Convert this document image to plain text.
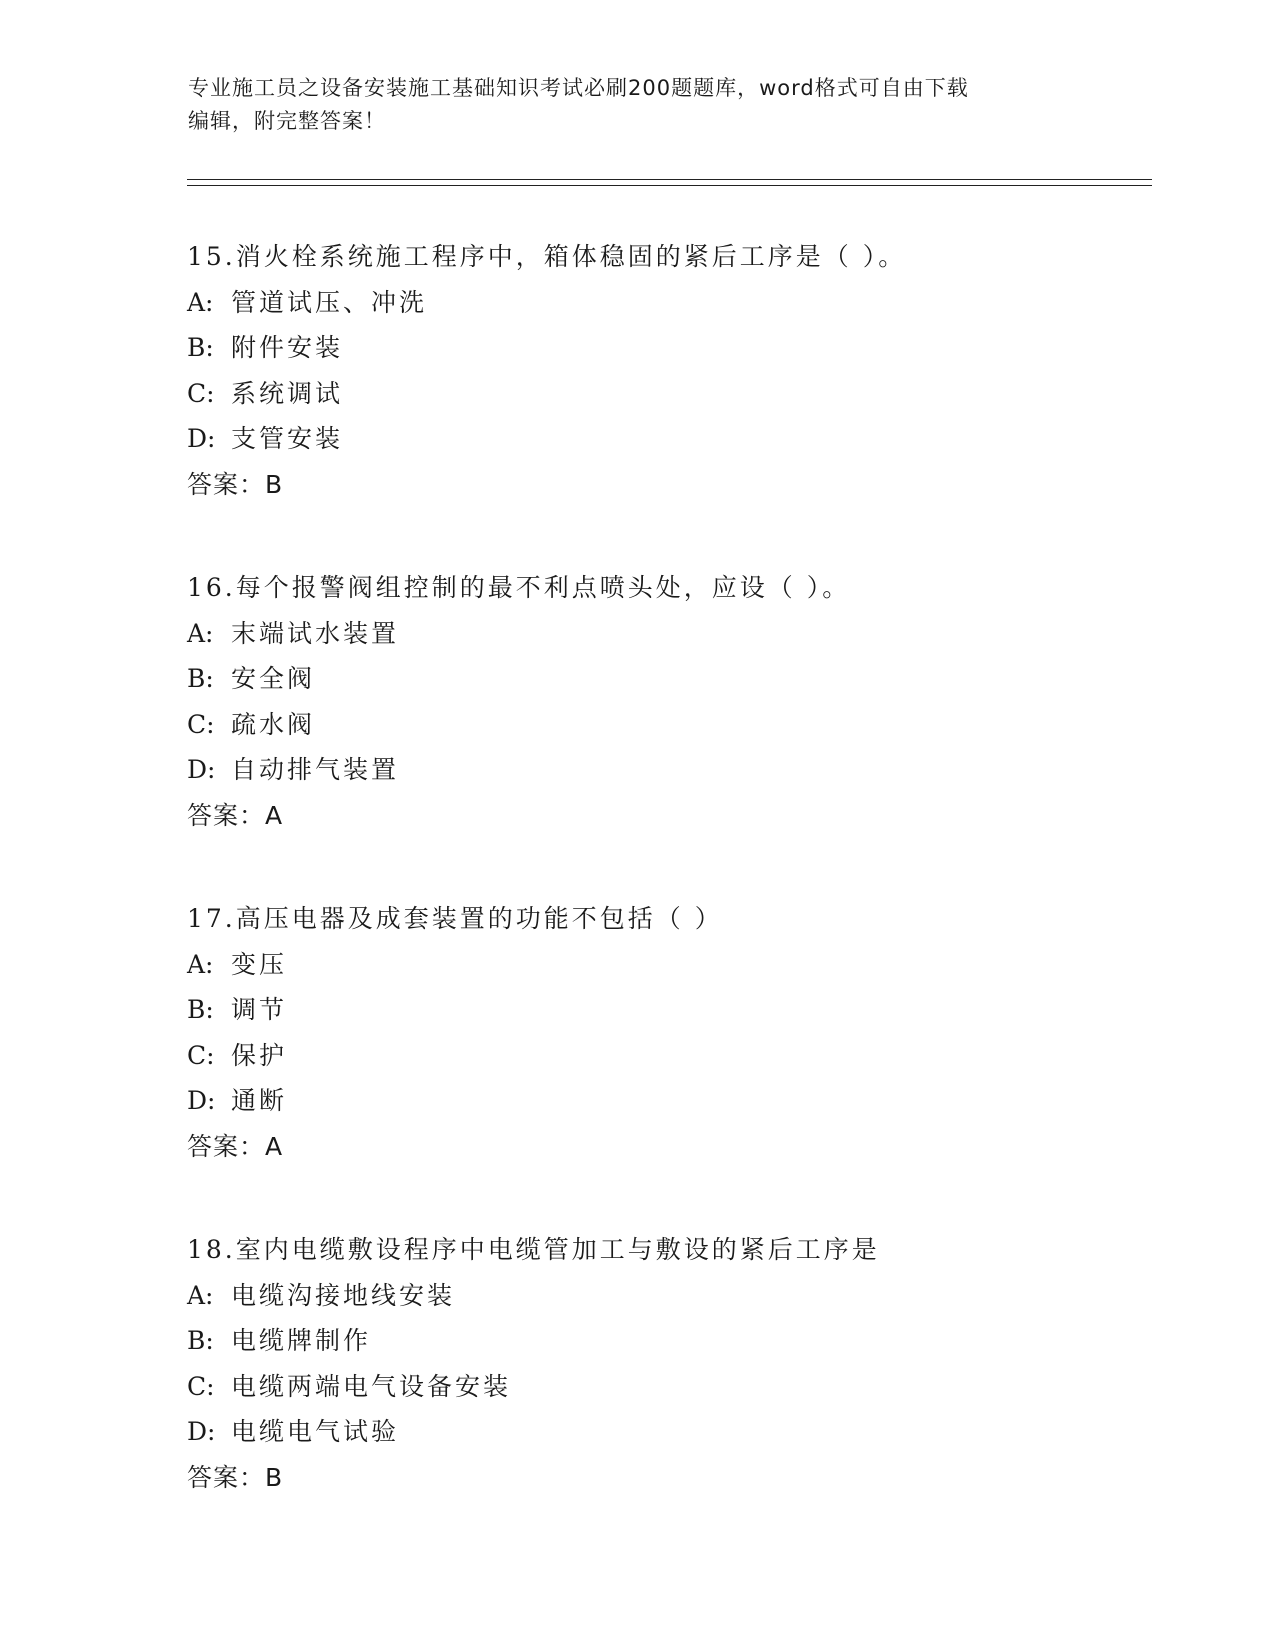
专业施工员之设备安装施工基础知识考试必刷200题题库，word格式可自由下载
编辑，附完整答案！
15.消火栓系统施工程序中，箱体稳固的紧后工序是（ ）。
A: 管道试压、冲洗
B: 附件安装
C: 系统调试
D: 支管安装
答案：B
16.每个报警阀组控制的最不利点喷头处，应设（ ）。
A: 末端试水装置
B: 安全阀
C: 疏水阀
D: 自动排气装置
答案：A
17.高压电器及成套装置的功能不包括（ ）
A: 变压
B: 调节
C: 保护
D: 通断
答案：A
18.室内电缆敷设程序中电缆管加工与敷设的紧后工序是
A: 电缆沟接地线安装
B: 电缆牌制作
C: 电缆两端电气设备安装
D: 电缆电气试验
答案：B
